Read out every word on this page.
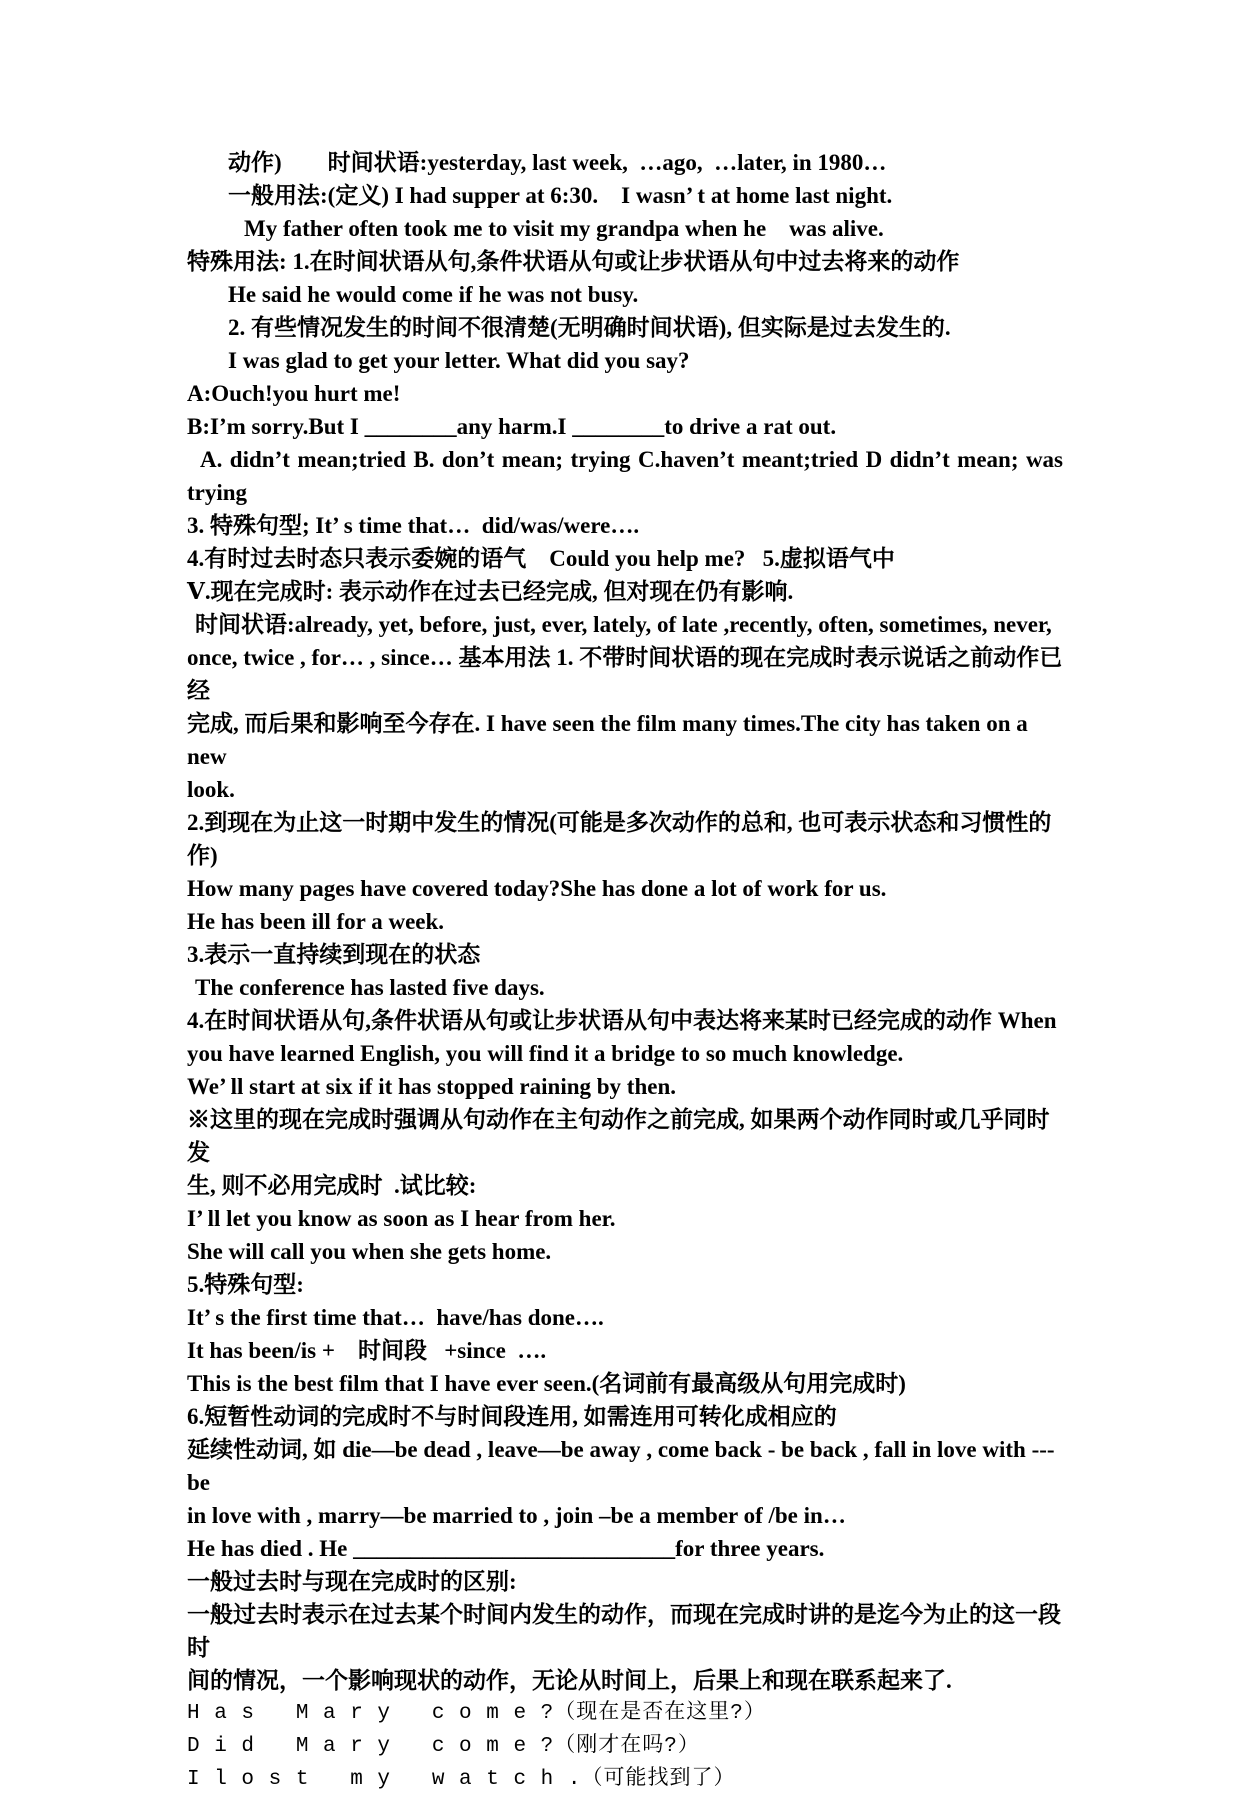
动作)        时间状语:yesterday, last week,  …ago,  …later, in 1980…

一般用法:(定义) I had supper at 6:30.    I wasn’ t at home last night.

My father often took me to visit my grandpa when he    was alive.

特殊用法: 1.在时间状语从句,条件状语从句或让步状语从句中过去将来的动作

He said he would come if he was not busy.

2. 有些情况发生的时间不很清楚(无明确时间状语), 但实际是过去发生的.

I was glad to get your letter. What did you say?

A:Ouch!you hurt me!

B:I’m sorry.But I ________any harm.I ________to drive a rat out.

A. didn’t mean;tried B. don’t mean; trying C.haven’t meant;tried D didn’t mean; was

trying

3. 特殊句型; It’ s time that…  did/was/were….

4.有时过去时态只表示委婉的语气    Could you help me?   5.虚拟语气中

Ⅴ.现在完成时: 表示动作在过去已经完成, 但对现在仍有影响.

时间状语:already, yet, before, just, ever, lately, of late ,recently, often, sometimes, never,

once, twice , for… , since… 基本用法 1. 不带时间状语的现在完成时表示说话之前动作已经

完成, 而后果和影响至今存在. I have seen the film many times.The city has taken on a new

look.

2.到现在为止这一时期中发生的情况(可能是多次动作的总和, 也可表示状态和习惯性的作)

How many pages have covered today?She has done a lot of work for us.

He has been ill for a week.

3.表示一直持续到现在的状态

The conference has lasted five days.

4.在时间状语从句,条件状语从句或让步状语从句中表达将来某时已经完成的动作 When

you have learned English, you will find it a bridge to so much knowledge.

We’ ll start at six if it has stopped raining by then.

※这里的现在完成时强调从句动作在主句动作之前完成, 如果两个动作同时或几乎同时发

生, 则不必用完成时  .试比较:

I’ ll let you know as soon as I hear from her.

She will call you when she gets home.

5.特殊句型:

It’ s the first time that…  have/has done….

It has been/is +    时间段   +since  ….

This is the best film that I have ever seen.(名词前有最高级从句用完成时)

6.短暂性动词的完成时不与时间段连用, 如需连用可转化成相应的

延续性动词, 如 die—be dead , leave—be away , come back - be back , fall in love with ---be

in love with , marry—be married to , join –be a member of /be in…

He has died . He ____________________________for three years.

一般过去时与现在完成时的区别:

一般过去时表示在过去某个时间内发生的动作，而现在完成时讲的是迄今为止的这一段时

间的情况，一个影响现状的动作，无论从时间上，后果上和现在联系起来了.

H a s   M a r y   c o m e ?（现在是否在这里?）

D i d   M a r y   c o m e ?（刚才在吗?）

I l o s t   m y   w a t c h .（可能找到了）
